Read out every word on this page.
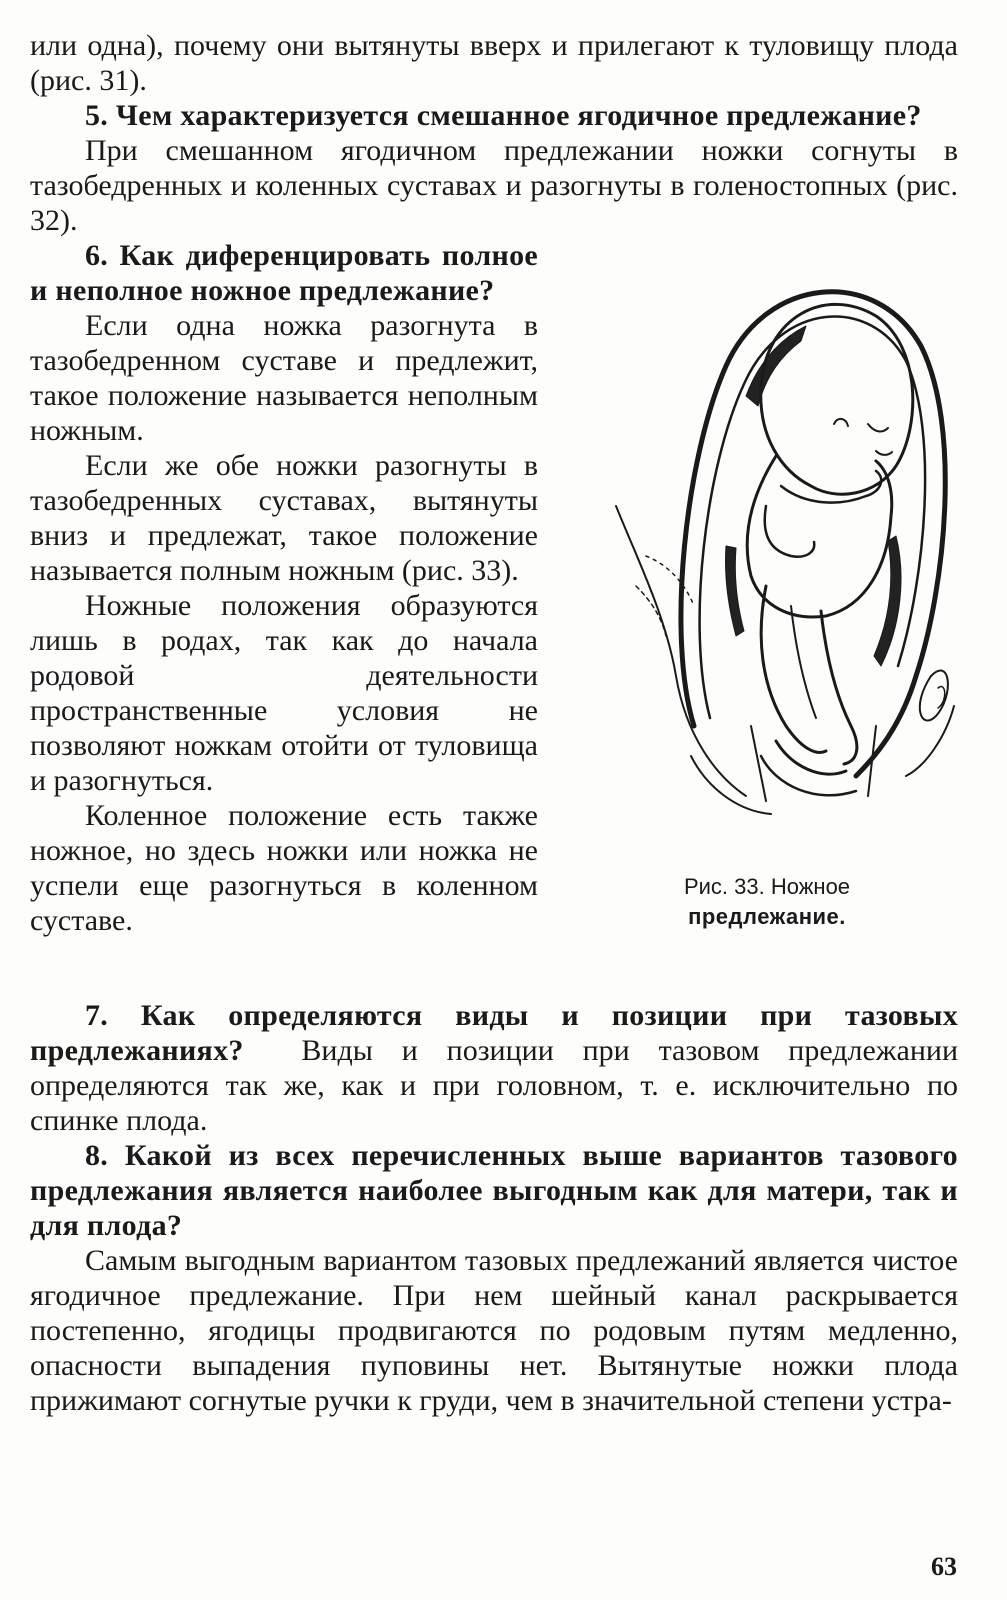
или одна), почему они вытянуты вверх и прилегают к туловищу плода (рис. 31).

5. Чем характеризуется смешанное ягодичное предлежание?

При смешанном ягодичном предлежании ножки согнуты в тазобедренных и коленных суставах и разогнуты в голеностопных (рис. 32).

6. Как диференцировать полное и неполное ножное предлежание?

Если одна ножка разогнута в тазобедренном суставе и предлежит, такое положение называется неполным ножным.

Если же обе ножки разогнуты в тазобедренных суставах, вытянуты вниз и предлежат, такое положение называется полным ножным (рис. 33).

Ножные положения образуются лишь в родах, так как до начала родовой деятельности пространственные условия не позволяют ножкам отойти от туловища и разогнуться.

Коленное положение есть также ножное, но здесь ножки или ножка не успели еще разогнуться в коленном суставе.

Рис. 33. Ножное
предлежание.

7. Как определяются виды и позиции при тазовых предлежаниях? Виды и позиции при тазовом предлежании определяются так же, как и при головном, т. е. исключительно по спинке плода.

8. Какой из всех перечисленных выше вариантов тазового предлежания является наиболее выгодным как для матери, так и для плода?

Самым выгодным вариантом тазовых предлежаний является чистое ягодичное предлежание. При нем шейный канал раскрывается постепенно, ягодицы продвигаются по родовым путям медленно, опасности выпадения пуповины нет. Вытянутые ножки плода прижимают согнутые ручки к груди, чем в значительной степени устра-

63
